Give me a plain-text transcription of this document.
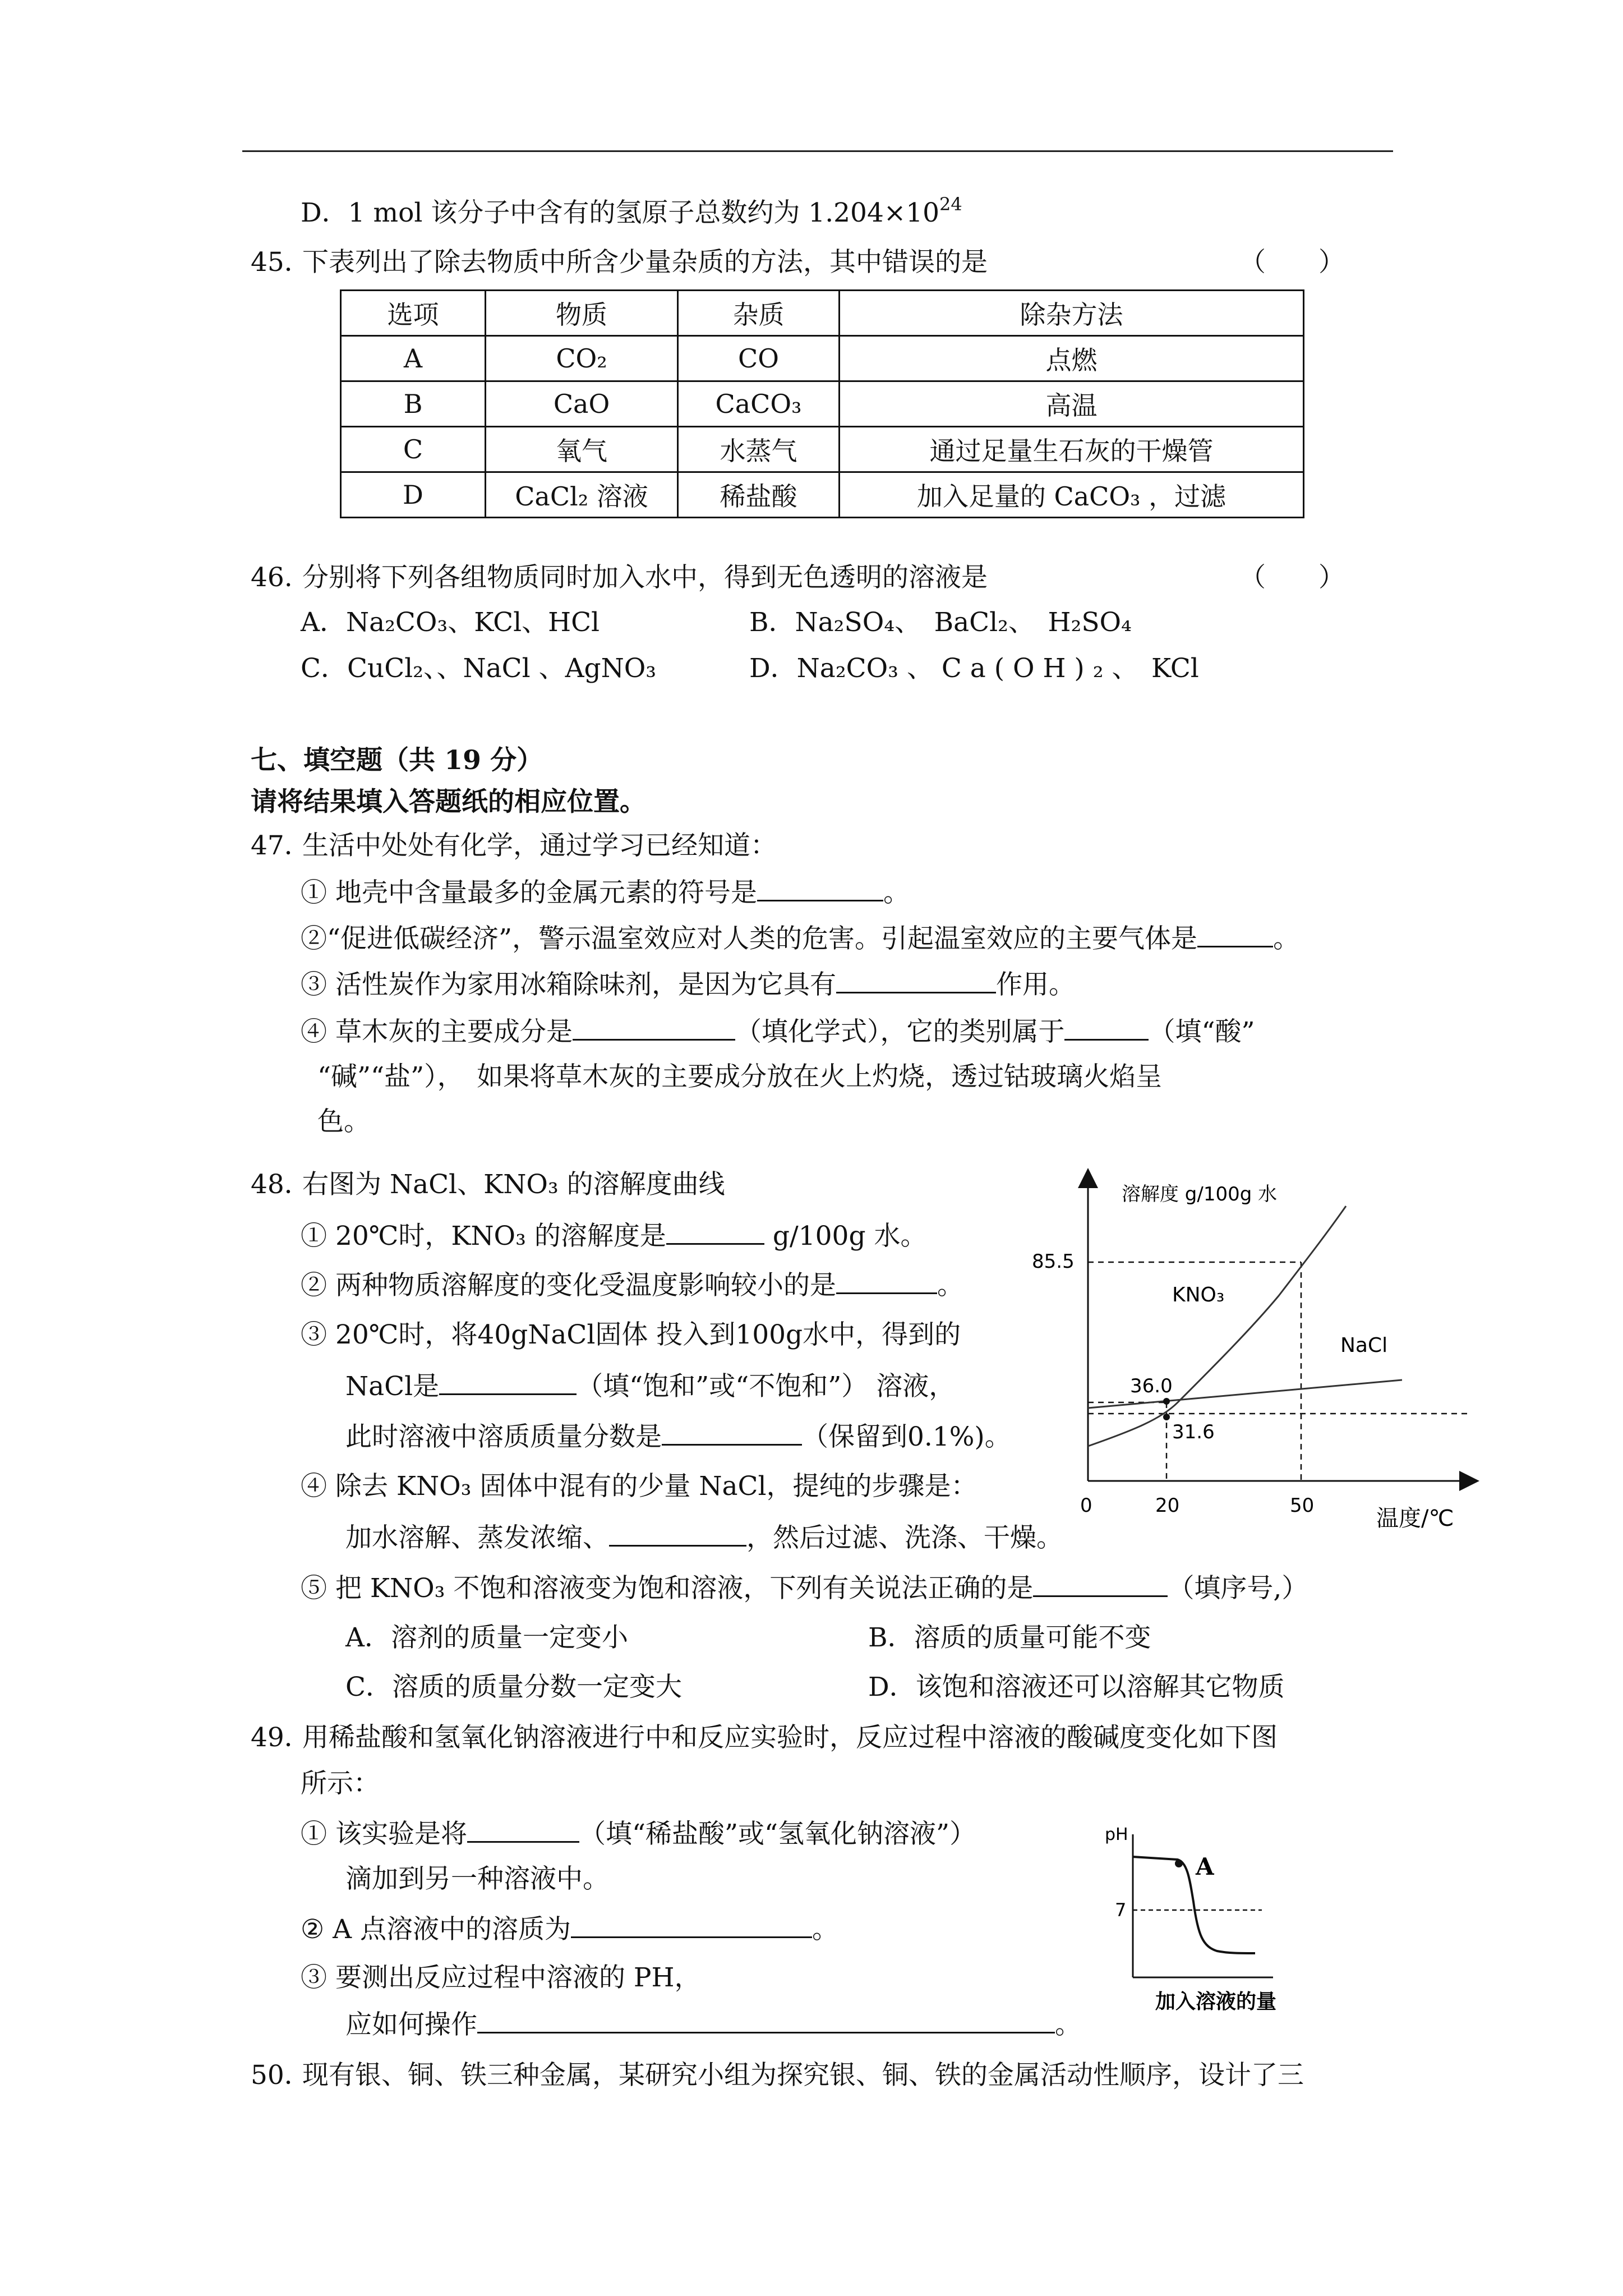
D．1 mol 该分子中含有的氢原子总数约为 $1.204\times 10^{24}$
45．下表列出了除去物质中所含少量杂质的方法，其中错误的是	（　　）
选项	物质	杂质	除杂方法
A	CO₂	CO	点燃
B	CaO	CaCO₃	高温
C	氧气	水蒸气	通过足量生石灰的干燥管
D	CaCl₂ 溶液	稀盐酸	加入足量的 CaCO₃ ，过滤
46. 分别将下列各组物质同时加入水中，得到无色透明的溶液是	（　　）
A．Na₂CO₃、KCl、HCl	B．Na₂SO₄、　BaCl₂、　H₂SO₄
C．CuCl₂、、NaCl 、AgNO₃	D．Na₂CO₃ 、 C a ( O H ) ₂ 、　KCl
七、填空题（共 19 分）
请将结果填入答题纸的相应位置。
47．生活中处处有化学，通过学习已经知道：
① 地壳中含量最多的金属元素的符号是	。
②“促进低碳经济”，警示温室效应对人类的危害。引起温室效应的主要气体是	。
③ 活性炭作为家用冰箱除味剂，是因为它具有	作用。
④ 草木灰的主要成分是	（填化学式），它的类别属于	（填“酸”
“碱”“盐”），　如果将草木灰的主要成分放在火上灼烧，透过钴玻璃火焰呈
色。
48．右图为 NaCl、KNO₃ 的溶解度曲线
① 20℃时，KNO₃ 的溶解度是	g/100g 水。
② 两种物质溶解度的变化受温度影响较小的是	。
③ 20℃时，将40gNaCl固体 投入到100g水中，得到的
NaCl是	（填“饱和”或“不饱和”） 溶液，
此时溶液中溶质质量分数是	（保留到0.1%)。
④ 除去 KNO₃ 固体中混有的少量 NaCl，提纯的步骤是：
加水溶解、蒸发浓缩、	，然后过滤、洗涤、干燥。
⑤ 把 KNO₃ 不饱和溶液变为饱和溶液，下列有关说法正确的是	（填序号,）
A．溶剂的质量一定变小	B．溶质的质量可能不变
C．溶质的质量分数一定变大	D．该饱和溶液还可以溶解其它物质
溶解度 g/100g 水
温度/℃
KNO₃
NaCl
85.5
36.0
31.6
0	20	50
49．用稀盐酸和氢氧化钠溶液进行中和反应实验时，反应过程中溶液的酸碱度变化如下图
所示：
① 该实验是将	（填“稀盐酸”或“氢氧化钠溶液”）
滴加到另一种溶液中。
② A 点溶液中的溶质为	。
③ 要测出反应过程中溶液的 PH，
应如何操作	。
pH
A
7
加入溶液的量
50．现有银、铜、铁三种金属，某研究小组为探究银、铜、铁的金属活动性顺序，设计了三
